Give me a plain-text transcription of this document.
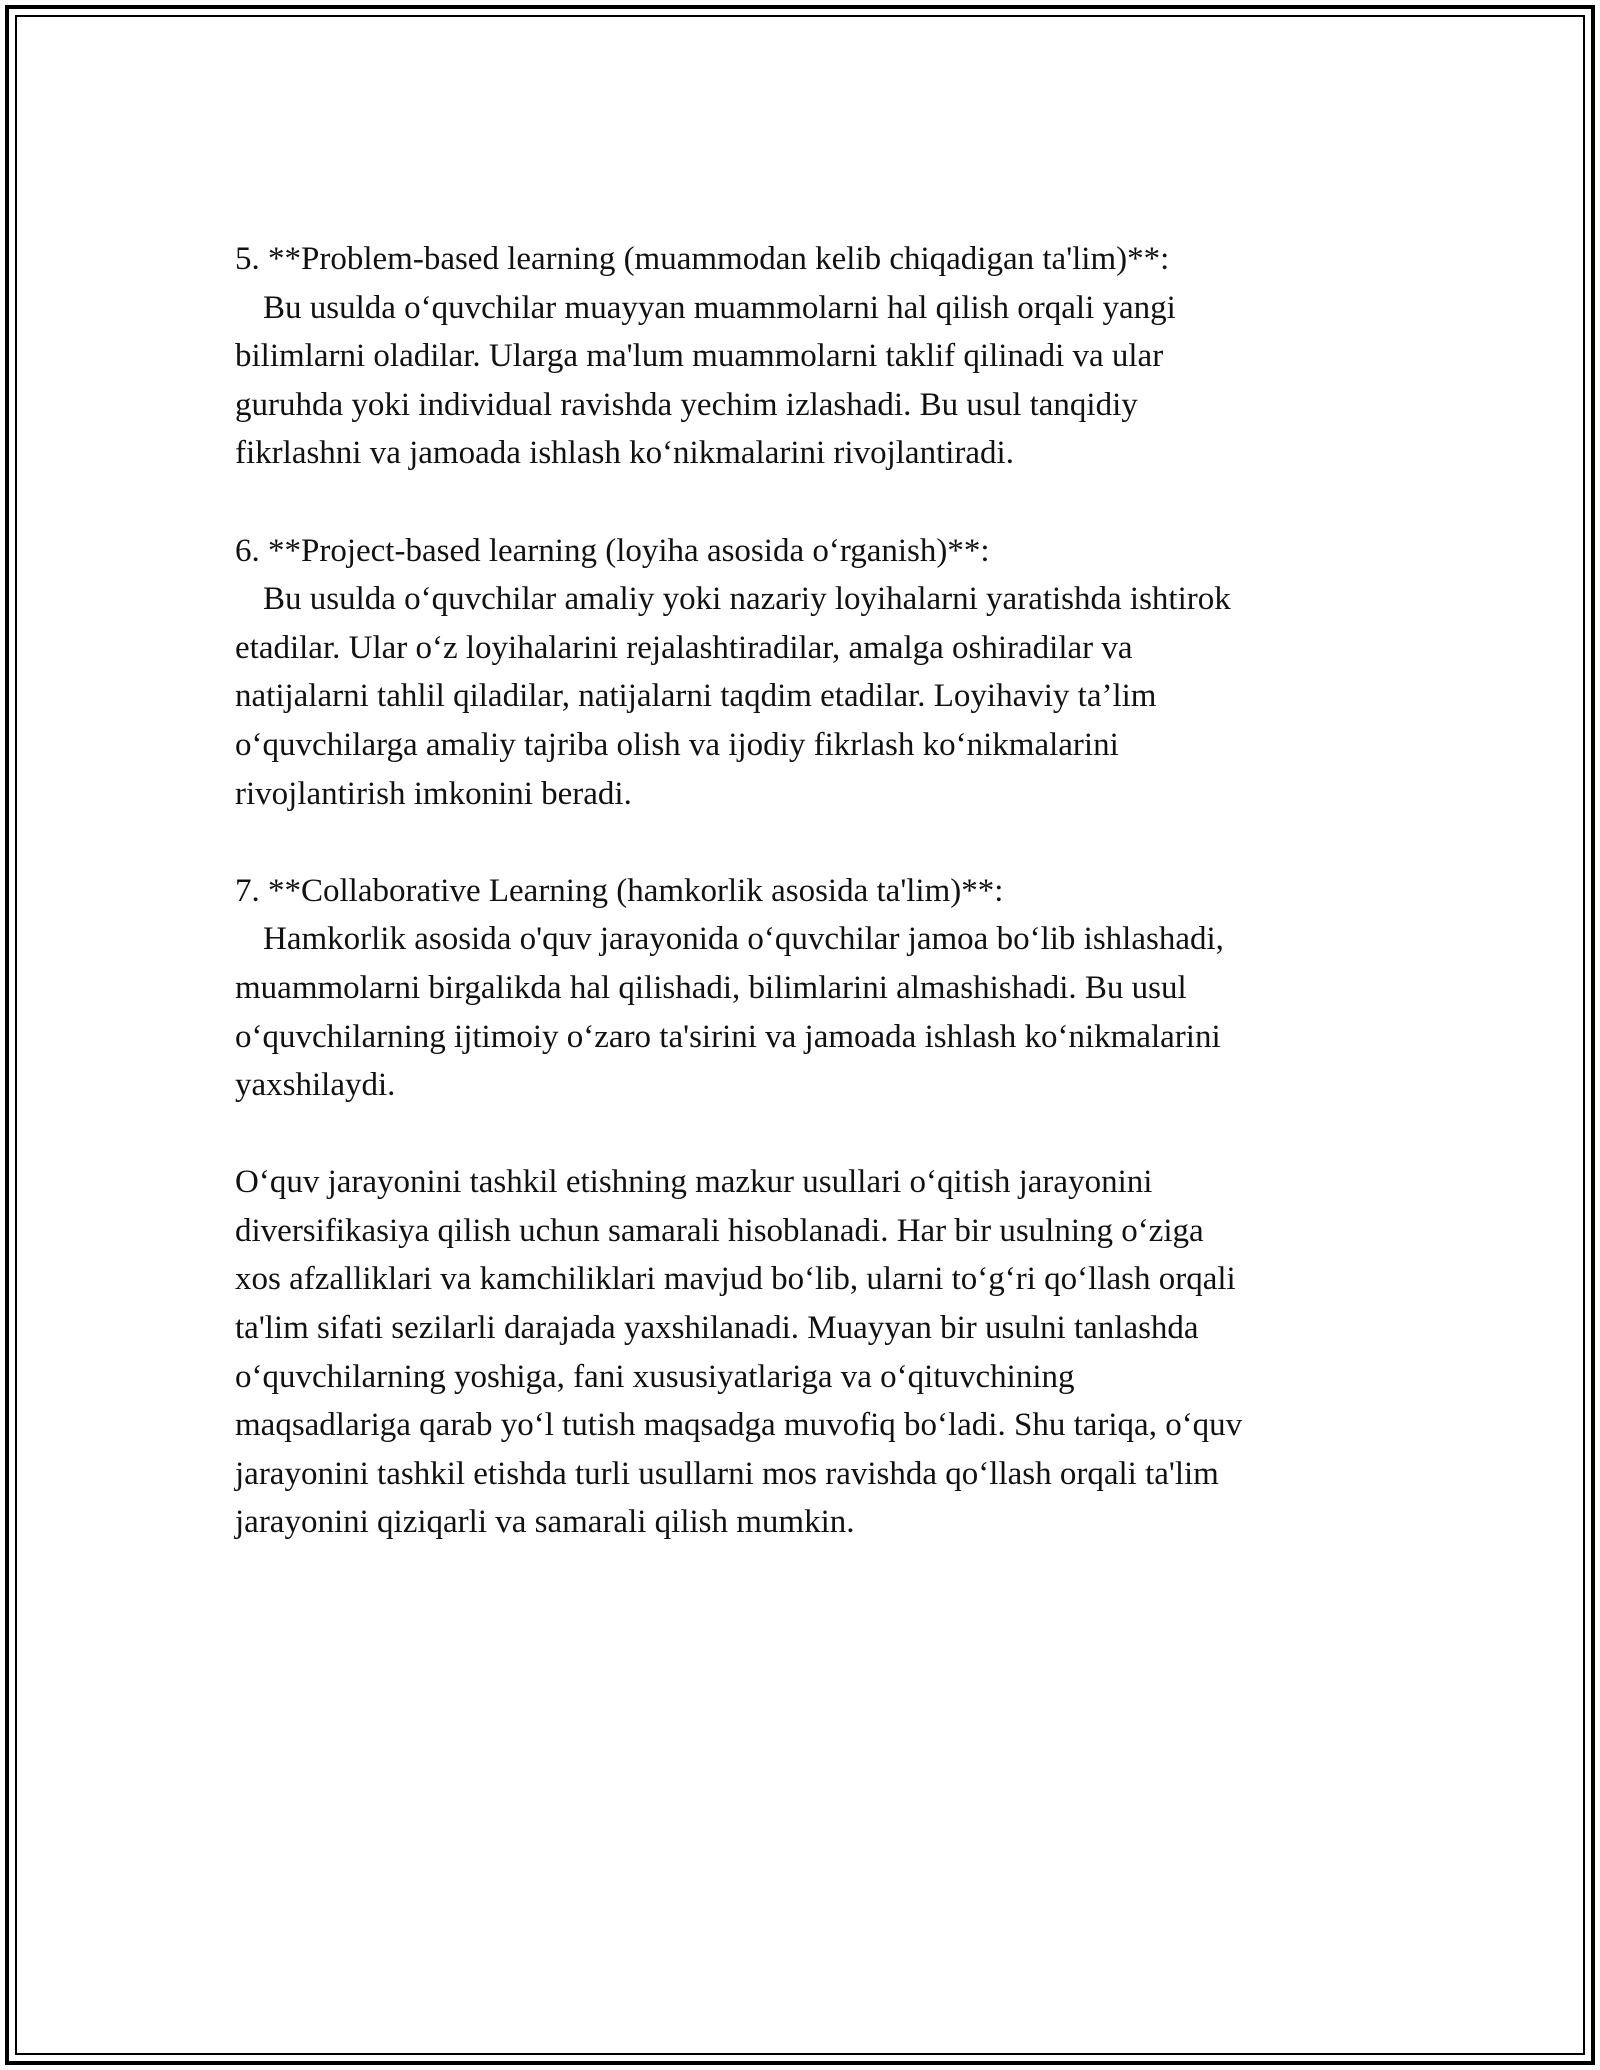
5. **Problem-based learning (muammodan kelib chiqadigan ta'lim)**:
Bu usulda o‘quvchilar muayyan muammolarni hal qilish orqali yangi
bilimlarni oladilar. Ularga ma'lum muammolarni taklif qilinadi va ular
guruhda yoki individual ravishda yechim izlashadi. Bu usul tanqidiy
fikrlashni va jamoada ishlash ko‘nikmalarini rivojlantiradi.
6. **Project-based learning (loyiha asosida o‘rganish)**:
Bu usulda o‘quvchilar amaliy yoki nazariy loyihalarni yaratishda ishtirok
etadilar. Ular o‘z loyihalarini rejalashtiradilar, amalga oshiradilar va
natijalarni tahlil qiladilar, natijalarni taqdim etadilar. Loyihaviy ta’lim
o‘quvchilarga amaliy tajriba olish va ijodiy fikrlash ko‘nikmalarini
rivojlantirish imkonini beradi.
7. **Collaborative Learning (hamkorlik asosida ta'lim)**:
Hamkorlik asosida o'quv jarayonida o‘quvchilar jamoa bo‘lib ishlashadi,
muammolarni birgalikda hal qilishadi, bilimlarini almashishadi. Bu usul
o‘quvchilarning ijtimoiy o‘zaro ta'sirini va jamoada ishlash ko‘nikmalarini
yaxshilaydi.
O‘quv jarayonini tashkil etishning mazkur usullari o‘qitish jarayonini
diversifikasiya qilish uchun samarali hisoblanadi. Har bir usulning o‘ziga
xos afzalliklari va kamchiliklari mavjud bo‘lib, ularni to‘g‘ri qo‘llash orqali
ta'lim sifati sezilarli darajada yaxshilanadi. Muayyan bir usulni tanlashda
o‘quvchilarning yoshiga, fani xususiyatlariga va o‘qituvchining
maqsadlariga qarab yo‘l tutish maqsadga muvofiq bo‘ladi. Shu tariqa, o‘quv
jarayonini tashkil etishda turli usullarni mos ravishda qo‘llash orqali ta'lim
jarayonini qiziqarli va samarali qilish mumkin.
